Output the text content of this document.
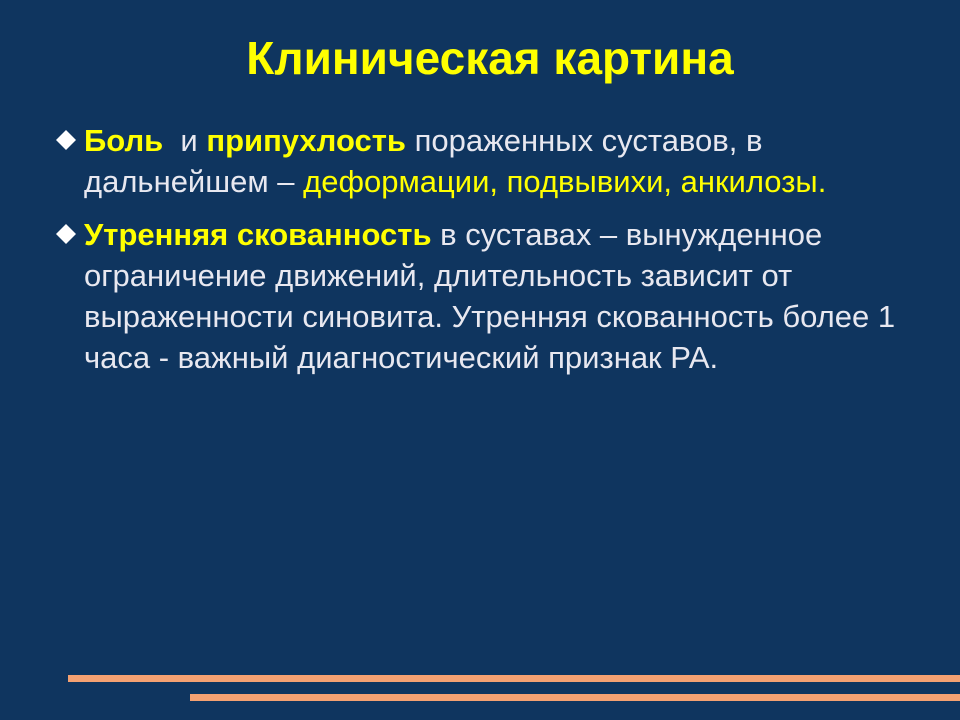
Клиническая картина
Боль  и припухлость пораженных суставов, в дальнейшем – деформации, подвывихи, анкилозы.
Утренняя скованность в суставах – вынужденное ограничение движений, длительность зависит от выраженности синовита. Утренняя скованность более 1 часа - важный диагностический признак РА.
